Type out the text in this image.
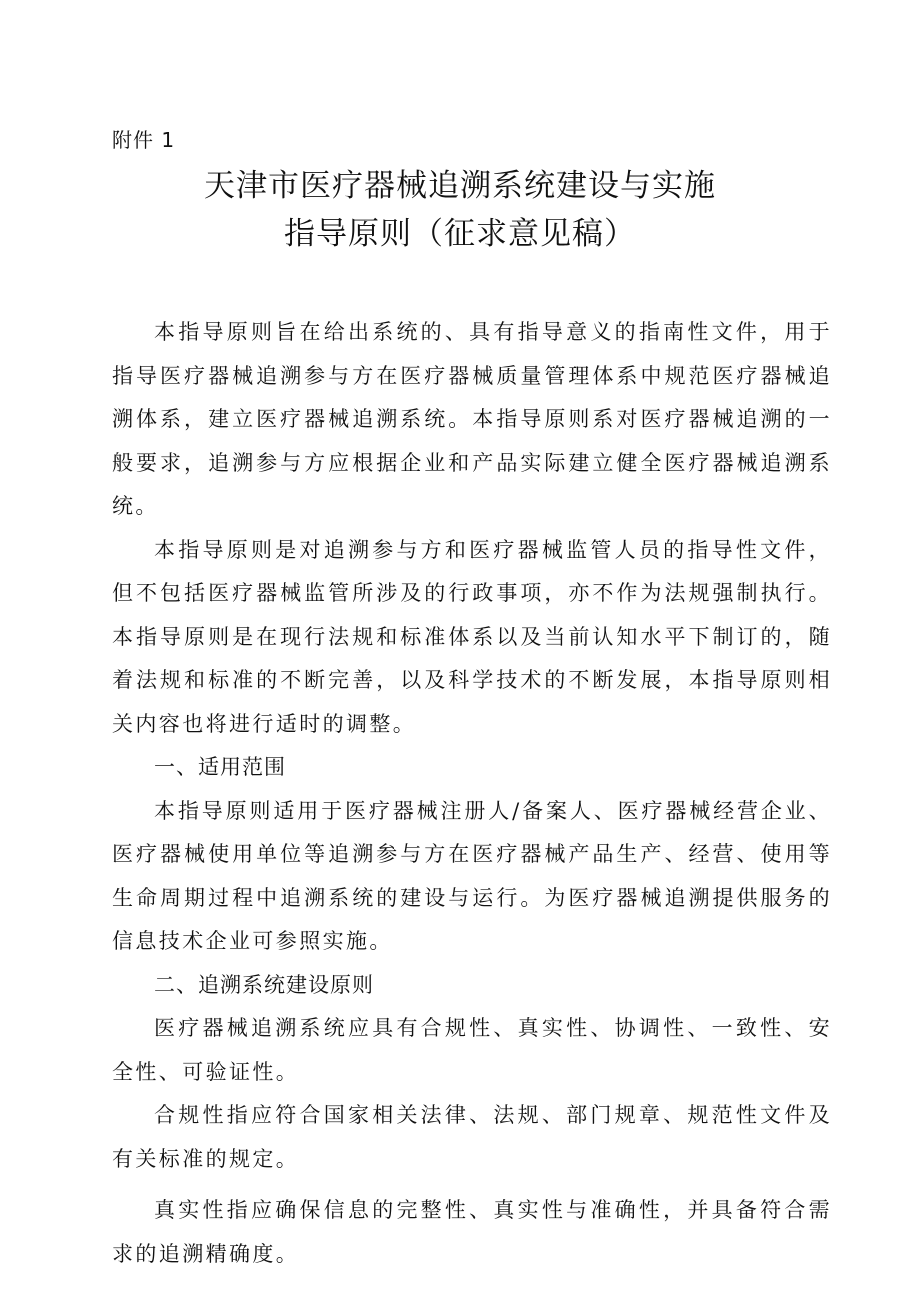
附件 1
天津市医疗器械追溯系统建设与实施
指导原则（征求意见稿）

本指导原则旨在给出系统的、具有指导意义的指南性文件，用于指导医疗器械追溯参与方在医疗器械质量管理体系中规范医疗器械追溯体系，建立医疗器械追溯系统。本指导原则系对医疗器械追溯的一般要求，追溯参与方应根据企业和产品实际建立健全医疗器械追溯系统。

本指导原则是对追溯参与方和医疗器械监管人员的指导性文件，但不包括医疗器械监管所涉及的行政事项，亦不作为法规强制执行。本指导原则是在现行法规和标准体系以及当前认知水平下制订的，随着法规和标准的不断完善，以及科学技术的不断发展，本指导原则相关内容也将进行适时的调整。

一、适用范围

本指导原则适用于医疗器械注册人/备案人、医疗器械经营企业、医疗器械使用单位等追溯参与方在医疗器械产品生产、经营、使用等生命周期过程中追溯系统的建设与运行。为医疗器械追溯提供服务的信息技术企业可参照实施。

二、追溯系统建设原则

医疗器械追溯系统应具有合规性、真实性、协调性、一致性、安全性、可验证性。

合规性指应符合国家相关法律、法规、部门规章、规范性文件及有关标准的规定。

真实性指应确保信息的完整性、真实性与准确性，并具备符合需求的追溯精确度。
